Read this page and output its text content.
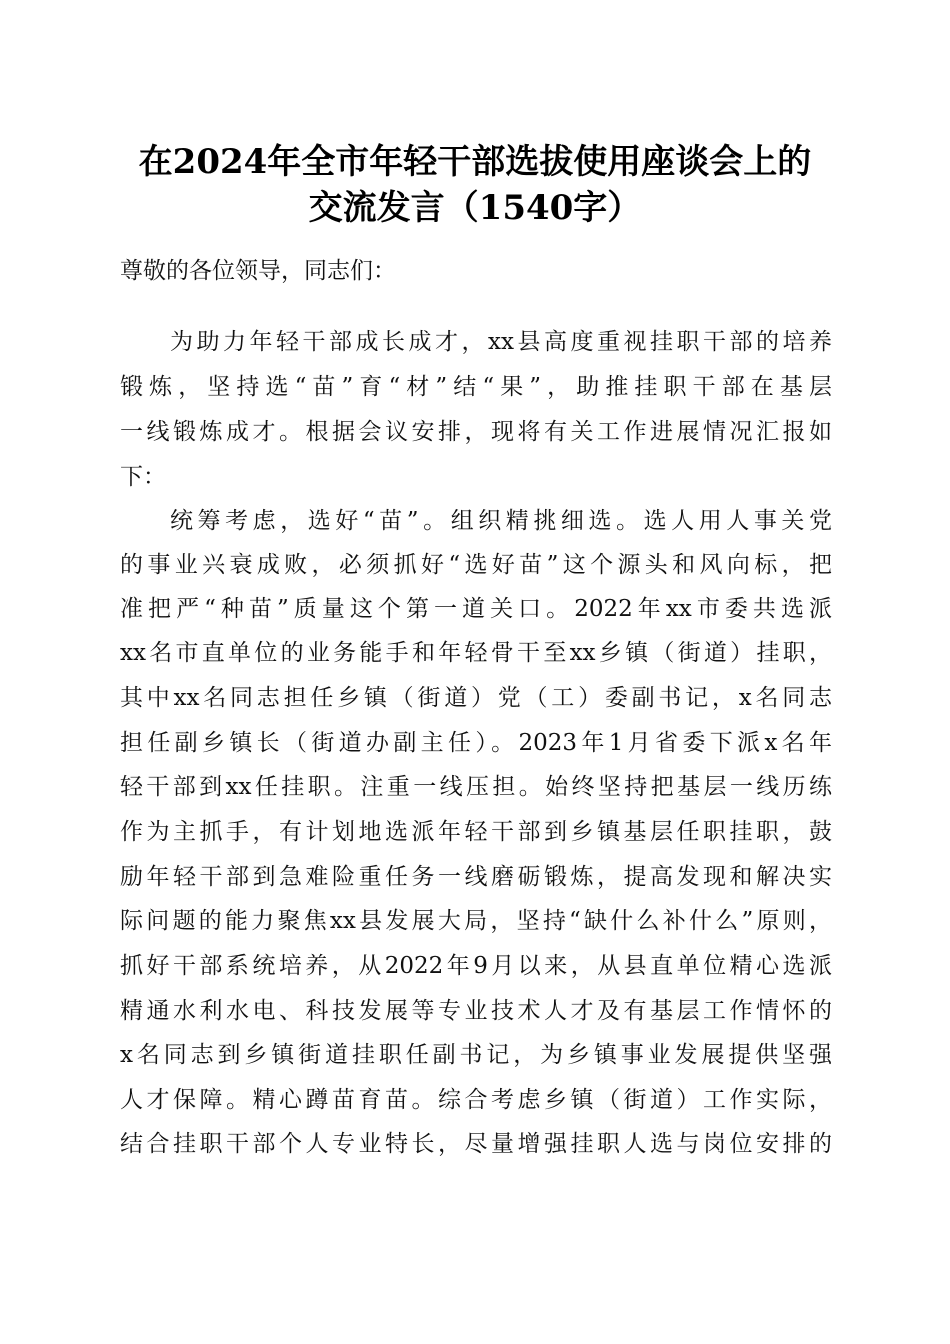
在2024年全市年轻干部选拔使用座谈会上的
交流发言（1540字）

尊敬的各位领导，同志们：

为助力年轻干部成长成才，xx县高度重视挂职干部的培养

锻炼，坚持选“苗”育“材”结“果”，助推挂职干部在基层

一线锻炼成才。根据会议安排，现将有关工作进展情况汇报如

下：

统筹考虑，选好“苗”。组织精挑细选。选人用人事关党

的事业兴衰成败，必须抓好“选好苗”这个源头和风向标，把

准把严“种苗”质量这个第一道关口。2022年xx市委共选派

xx名市直单位的业务能手和年轻骨干至xx乡镇（街道）挂职，

其中xx名同志担任乡镇（街道）党（工）委副书记，x名同志

担任副乡镇长（街道办副主任）。2023年1月省委下派x名年

轻干部到xx任挂职。注重一线压担。始终坚持把基层一线历练

作为主抓手，有计划地选派年轻干部到乡镇基层任职挂职，鼓

励年轻干部到急难险重任务一线磨砺锻炼，提高发现和解决实

际问题的能力聚焦xx县发展大局，坚持“缺什么补什么”原则，

抓好干部系统培养，从2022年9月以来，从县直单位精心选派

精通水利水电、科技发展等专业技术人才及有基层工作情怀的

x名同志到乡镇街道挂职任副书记，为乡镇事业发展提供坚强

人才保障。精心蹲苗育苗。综合考虑乡镇（街道）工作实际，

结合挂职干部个人专业特长，尽量增强挂职人选与岗位安排的
